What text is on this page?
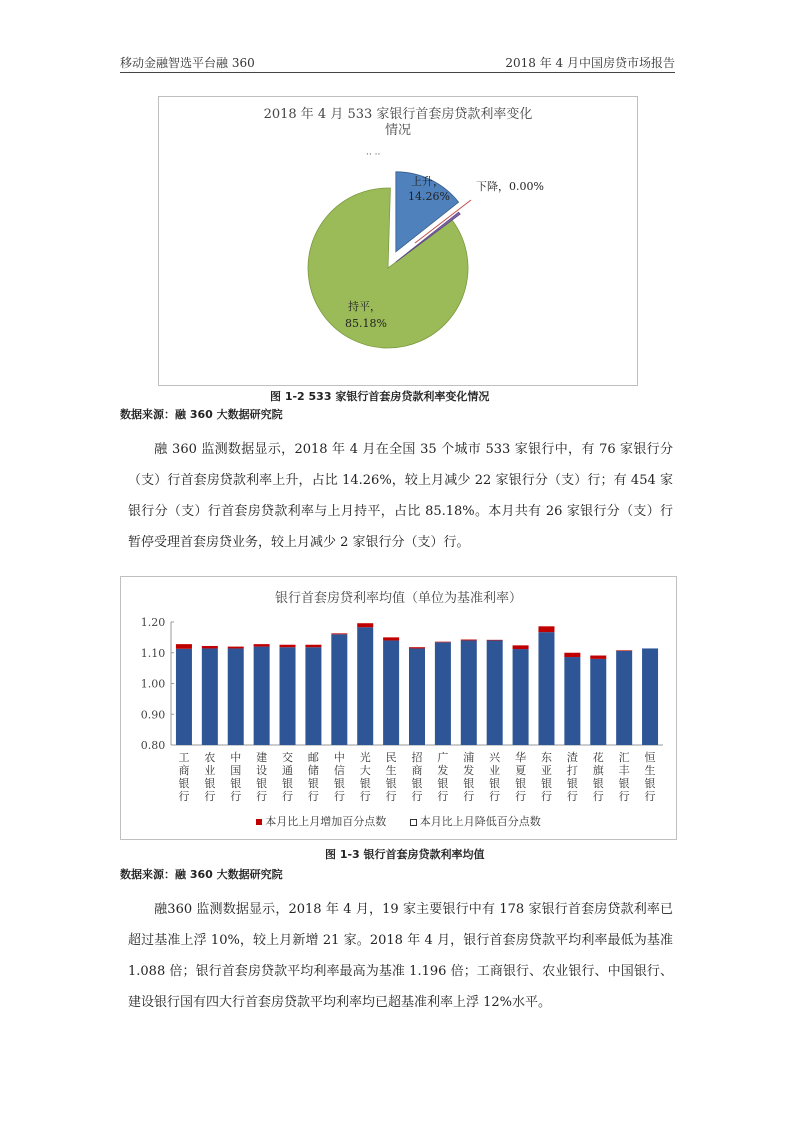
移动金融智选平台融 360	2018 年 4 月中国房贷市场报告
2018 年 4 月 533 家银行首套房贷款利率变化
情况
·· ··
上升，
14.26%
下降，0.00%
持平，
85.18%
图 1-2 533 家银行首套房贷款利率变化情况
数据来源：融 360 大数据研究院
融 360 监测数据显示，2018 年 4 月在全国 35 个城市 533 家银行中，有 76 家银行分（支）行首套房贷款利率上升，占比 14.26%，较上月减少 22 家银行分（支）行；有 454 家银行分（支）行首套房贷款利率与上月持平，占比 85.18%。本月共有 26 家银行分（支）行暂停受理首套房贷业务，较上月减少 2 家银行分（支）行。
银行首套房贷利率均值（单位为基准利率）
1.20
1.10
1.00
0.90
0.80
工
商
银
行
农
业
银
行
中
国
银
行
建
设
银
行
交
通
银
行
邮
储
银
行
中
信
银
行
光
大
银
行
民
生
银
行
招
商
银
行
广
发
银
行
浦
发
银
行
兴
业
银
行
华
夏
银
行
东
亚
银
行
渣
打
银
行
花
旗
银
行
汇
丰
银
行
恒
生
银
行
本月比上月增加百分点数	本月比上月降低百分点数
图 1-3 银行首套房贷款利率均值
数据来源：融 360 大数据研究院
融360 监测数据显示，2018 年 4 月，19 家主要银行中有 178 家银行首套房贷款利率已超过基准上浮 10%，较上月新增 21 家。2018 年 4 月，银行首套房贷款平均利率最低为基准 1.088 倍；银行首套房贷款平均利率最高为基准 1.196 倍；工商银行、农业银行、中国银行、建设银行国有四大行首套房贷款平均利率均已超基准利率上浮 12%水平。
